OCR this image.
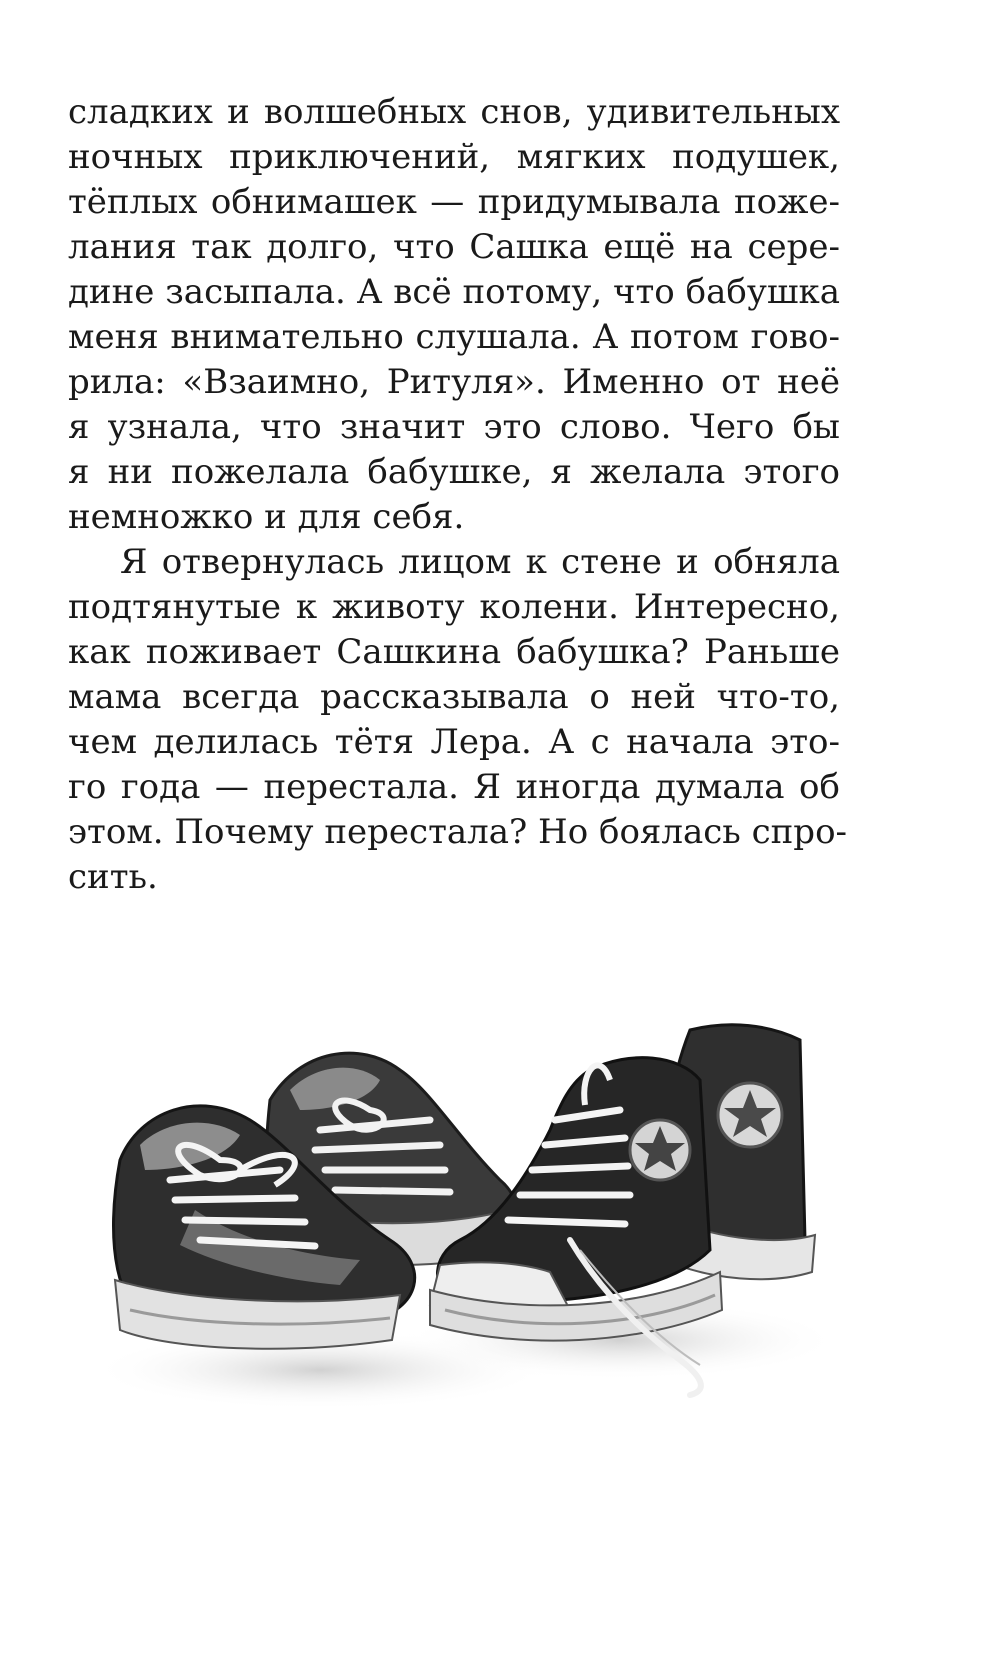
сладких и волшебных снов, удивительных
ночных приключений, мягких подушек,
тёплых обнимашек — придумывала поже-
лания так долго, что Сашка ещё на сере-
дине засыпала. А всё потому, что бабушка
меня внимательно слушала. А потом гово-
рила: «Взаимно, Ритуля». Именно от неё
я узнала, что значит это слово. Чего бы
я ни пожелала бабушке, я желала этого
немножко и для себя.
Я отвернулась лицом к стене и обняла
подтянутые к животу колени. Интересно,
как поживает Сашкина бабушка? Раньше
мама всегда рассказывала о ней что-то,
чем делилась тётя Лера. А с начала это-
го года — перестала. Я иногда думала об
этом. Почему перестала? Но боялась спро-
сить.
